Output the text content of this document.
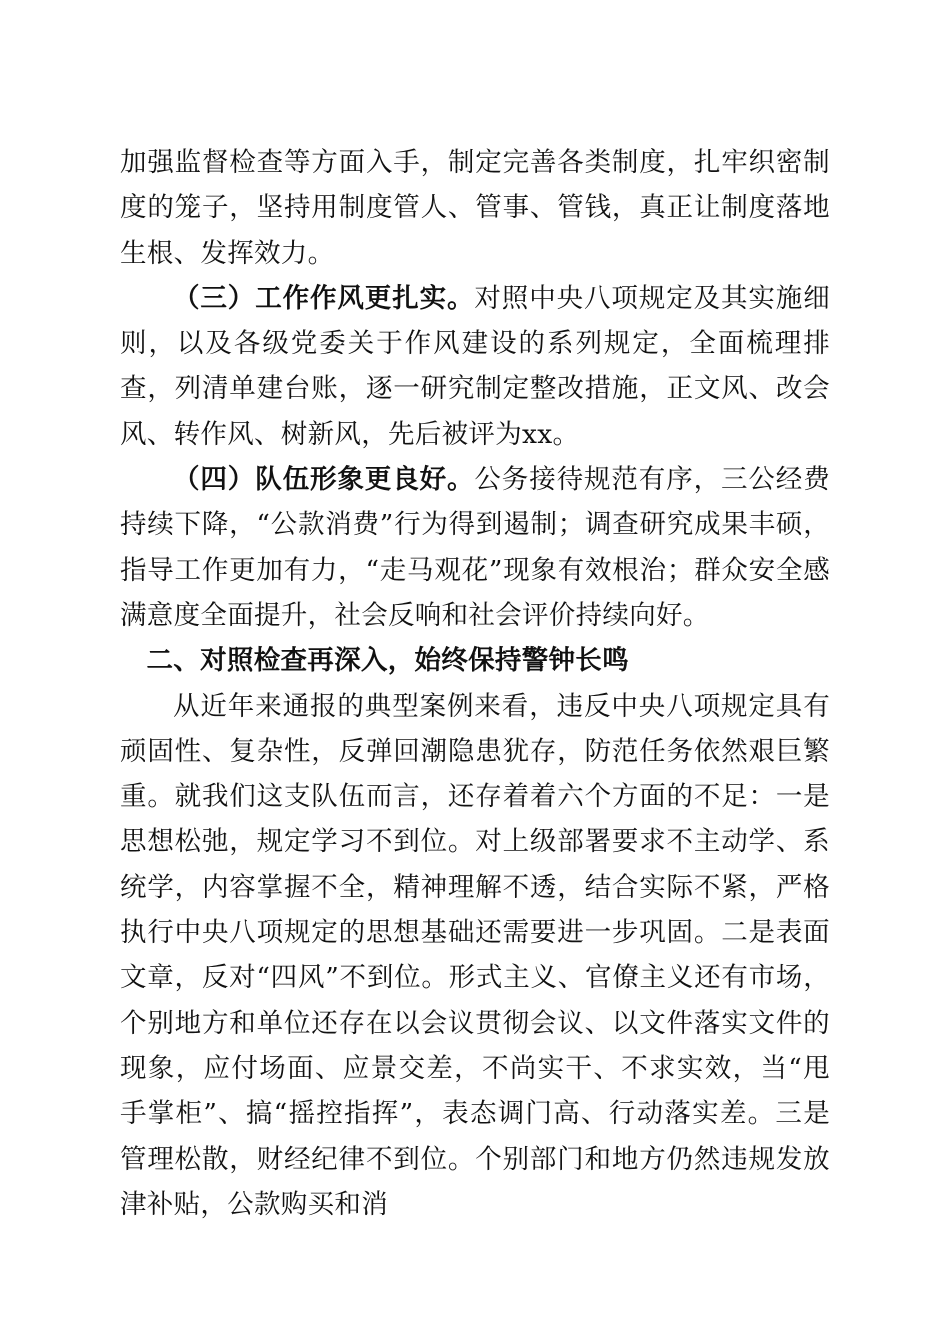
加强监督检查等方面入手，制定完善各类制度，扎牢织密制度的笼子，坚持用制度管人、管事、管钱，真正让制度落地生根、发挥效力。

（三）工作作风更扎实。对照中央八项规定及其实施细则，以及各级党委关于作风建设的系列规定，全面梳理排查，列清单建台账，逐一研究制定整改措施，正文风、改会风、转作风、树新风，先后被评为xx。

（四）队伍形象更良好。公务接待规范有序，三公经费持续下降，“公款消费”行为得到遏制；调查研究成果丰硕，指导工作更加有力，“走马观花”现象有效根治；群众安全感满意度全面提升，社会反响和社会评价持续向好。

二、对照检查再深入，始终保持警钟长鸣

从近年来通报的典型案例来看，违反中央八项规定具有顽固性、复杂性，反弹回潮隐患犹存，防范任务依然艰巨繁重。就我们这支队伍而言，还存着着六个方面的不足：一是思想松弛，规定学习不到位。对上级部署要求不主动学、系统学，内容掌握不全，精神理解不透，结合实际不紧，严格执行中央八项规定的思想基础还需要进一步巩固。二是表面文章，反对“四风”不到位。形式主义、官僚主义还有市场，个别地方和单位还存在以会议贯彻会议、以文件落实文件的现象，应付场面、应景交差，不尚实干、不求实效，当“甩手掌柜”、搞“摇控指挥”，表态调门高、行动落实差。三是管理松散，财经纪律不到位。个别部门和地方仍然违规发放津补贴，公款购买和消
